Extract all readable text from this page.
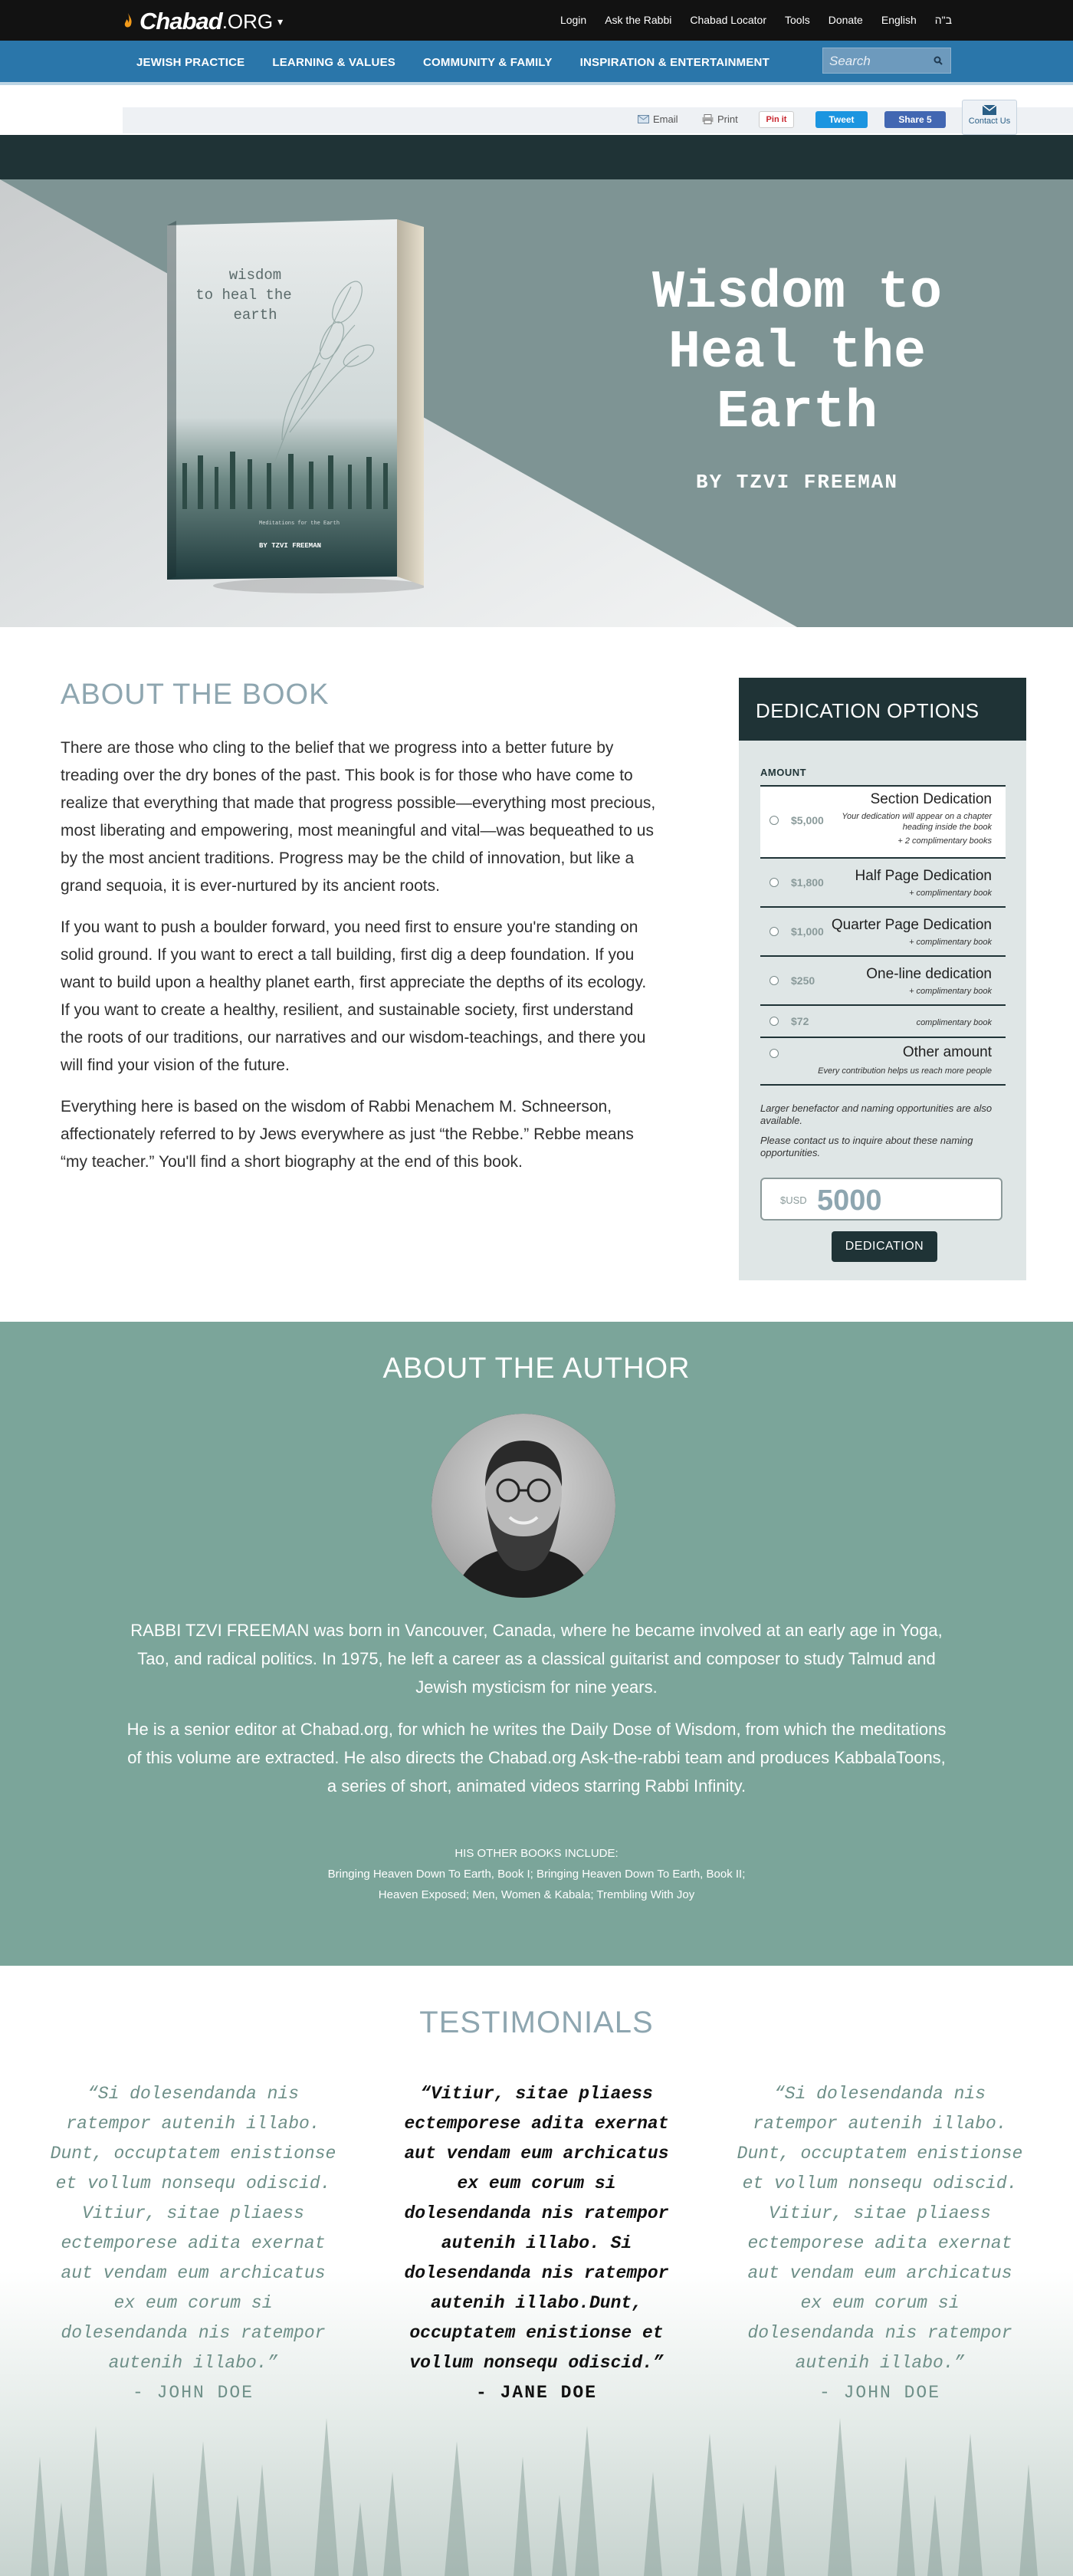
Chabad .ORG ▾	Login Ask the Rabbi Chabad Locator Tools Donate English ב"ה
JEWISH PRACTICE LEARNING & VALUES COMMUNITY & FAMILY INSPIRATION & ENTERTAINMENT
Search
Email	Print	Pin it	Tweet	Share 5	Contact Us
wisdom
to heal the
earth
Meditations for the Earth
BY TZVI FREEMAN
Wisdom to Heal the Earth
BY TZVI FREEMAN
ABOUT THE BOOK

There are those who cling to the belief that we progress into a better future by treading over the dry bones of the past. This book is for those who have come to realize that everything that made that progress possible—everything most precious, most liberating and empowering, most meaningful and vital—was bequeathed to us by the most ancient traditions. Progress may be the child of innovation, but like a grand sequoia, it is ever-nurtured by its ancient roots.

If you want to push a boulder forward, you need first to ensure you're standing on solid ground. If you want to erect a tall building, first dig a deep foundation. If you want to build upon a healthy planet earth, first appreciate the depths of its ecology. If you want to create a healthy, resilient, and sustainable society, first understand the roots of our traditions, our narratives and our wisdom-teachings, and there you will find your vision of the future.

Everything here is based on the wisdom of Rabbi Menachem M. Schneerson, affectionately referred to by Jews everywhere as just “the Rebbe.” Rebbe means “my teacher.” You'll find a short biography at the end of this book.

DEDICATION OPTIONS
AMOUNT
$5,000
Section Dedication
Your dedication will appear on a chapter heading inside the book
+ 2 complimentary books
$1,800 Half Page Dedication
+ complimentary book
$1,000 Quarter Page Dedication
+ complimentary book
$250	One-line dedication
+ complimentary book
$72	complimentary book
Other amount
Every contribution helps us reach more people
Larger benefactor and naming opportunities are also available.
Please contact us to inquire about these naming opportunities.
$USD 5000
DEDICATION
ABOUT THE AUTHOR

RABBI TZVI FREEMAN was born in Vancouver, Canada, where he became involved at an early age in Yoga, Tao, and radical politics. In 1975, he left a career as a classical guitarist and composer to study Talmud and Jewish mysticism for nine years.

He is a senior editor at Chabad.org, for which he writes the Daily Dose of Wisdom, from which the meditations of this volume are extracted. He also directs the Chabad.org Ask-the-rabbi team and produces KabbalaToons, a series of short, animated videos starring Rabbi Infinity.

HIS OTHER BOOKS INCLUDE:
Bringing Heaven Down To Earth, Book I; Bringing Heaven Down To Earth, Book II;
Heaven Exposed; Men, Women & Kabala; Trembling With Joy
TESTIMONIALS
“Si dolesendanda nis ratempor autenih illabo. Dunt, occuptatem enistionse et vollum nonsequ odiscid. Vitiur, sitae pliaess ectemporese adita exernat aut vendam eum archicatus ex eum corum si dolesendanda nis ratempor autenih illabo.”
- JOHN DOE
“Vitiur, sitae pliaess ectemporese adita exernat aut vendam eum archicatus ex eum corum si dolesendanda nis ratempor autenih illabo. Si dolesendanda nis ratempor autenih illabo.Dunt, occuptatem enistionse et vollum nonsequ odiscid.”
- JANE DOE
“Si dolesendanda nis ratempor autenih illabo. Dunt, occuptatem enistionse et vollum nonsequ odiscid. Vitiur, sitae pliaess ectemporese adita exernat aut vendam eum archicatus ex eum corum si dolesendanda nis ratempor autenih illabo.”
- JOHN DOE
